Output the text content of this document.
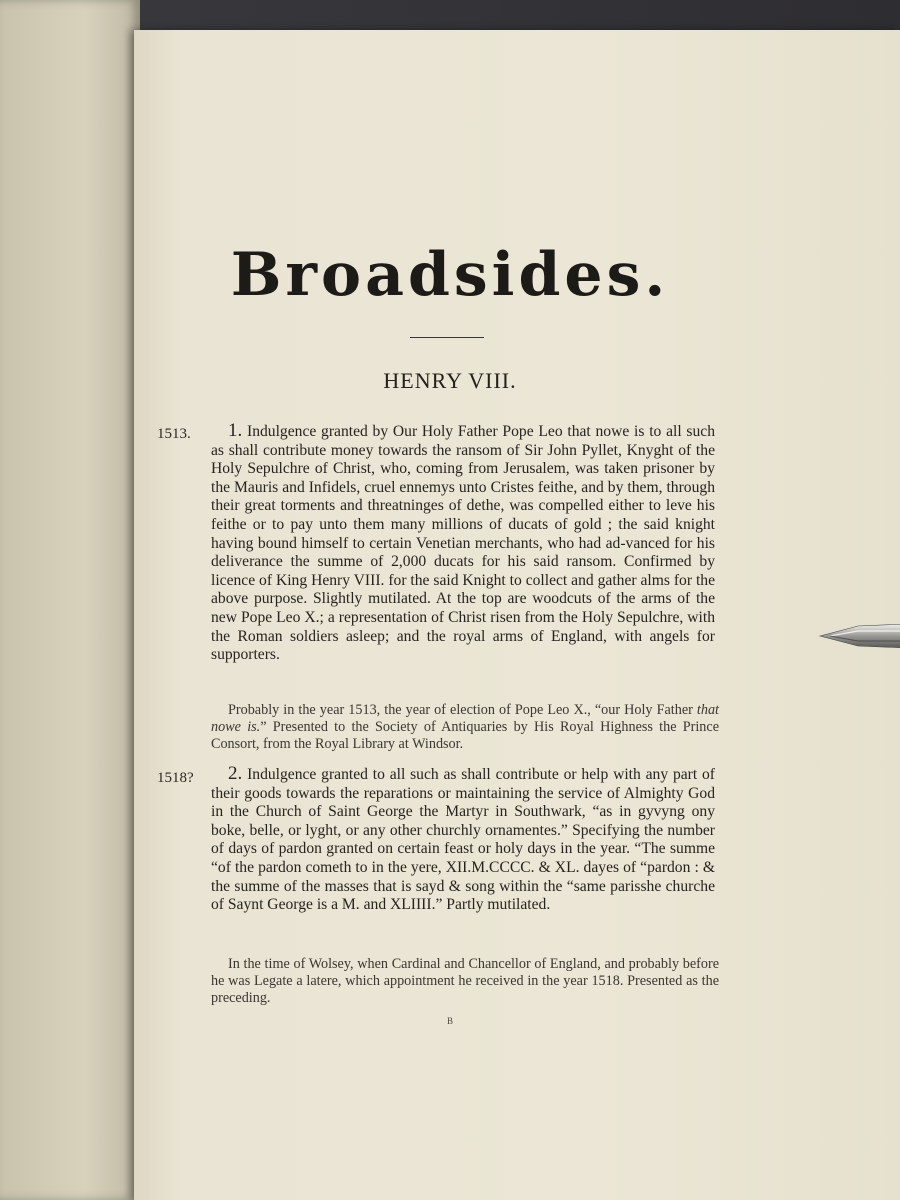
Broadsides.
HENRY VIII.
1513.	1. Indulgence granted by Our Holy Father Pope Leo that nowe is to all such as shall contribute money towards the ransom of Sir John Pyllet, Knyght of the Holy Sepulchre of Christ, who, coming from Jerusalem, was taken prisoner by the Mauris and Infidels, cruel ennemys unto Cristes feithe, and by them, through their great torments and threatninges of dethe, was compelled either to leve his feithe or to pay unto them many millions of ducats of gold ; the said knight having bound himself to certain Venetian merchants, who had ad-vanced for his deliverance the summe of 2,000 ducats for his said ransom. Confirmed by licence of King Henry VIII. for the said Knight to collect and gather alms for the above purpose. Slightly mutilated. At the top are woodcuts of the arms of the new Pope Leo X.; a representation of Christ risen from the Holy Sepulchre, with the Roman soldiers asleep; and the royal arms of England, with angels for supporters.

Probably in the year 1513, the year of election of Pope Leo X., “our Holy Father that nowe is.” Presented to the Society of Antiquaries by His Royal Highness the Prince Consort, from the Royal Library at Windsor.

1518?	2. Indulgence granted to all such as shall contribute or help with any part of their goods towards the reparations or maintaining the service of Almighty God in the Church of Saint George the Martyr in Southwark, “as in gyvyng ony boke, belle, or lyght, or any other churchly ornamentes.” Specifying the number of days of pardon granted on certain feast or holy days in the year. “The summe “of the pardon cometh to in the yere, XII.M.CCCC. & XL. dayes of “pardon : & the summe of the masses that is sayd & song within the “same parisshe churche of Saynt George is a M. and XLIIII.” Partly mutilated.

In the time of Wolsey, when Cardinal and Chancellor of England, and probably before he was Legate a latere, which appointment he received in the year 1518. Presented as the preceding.

B
